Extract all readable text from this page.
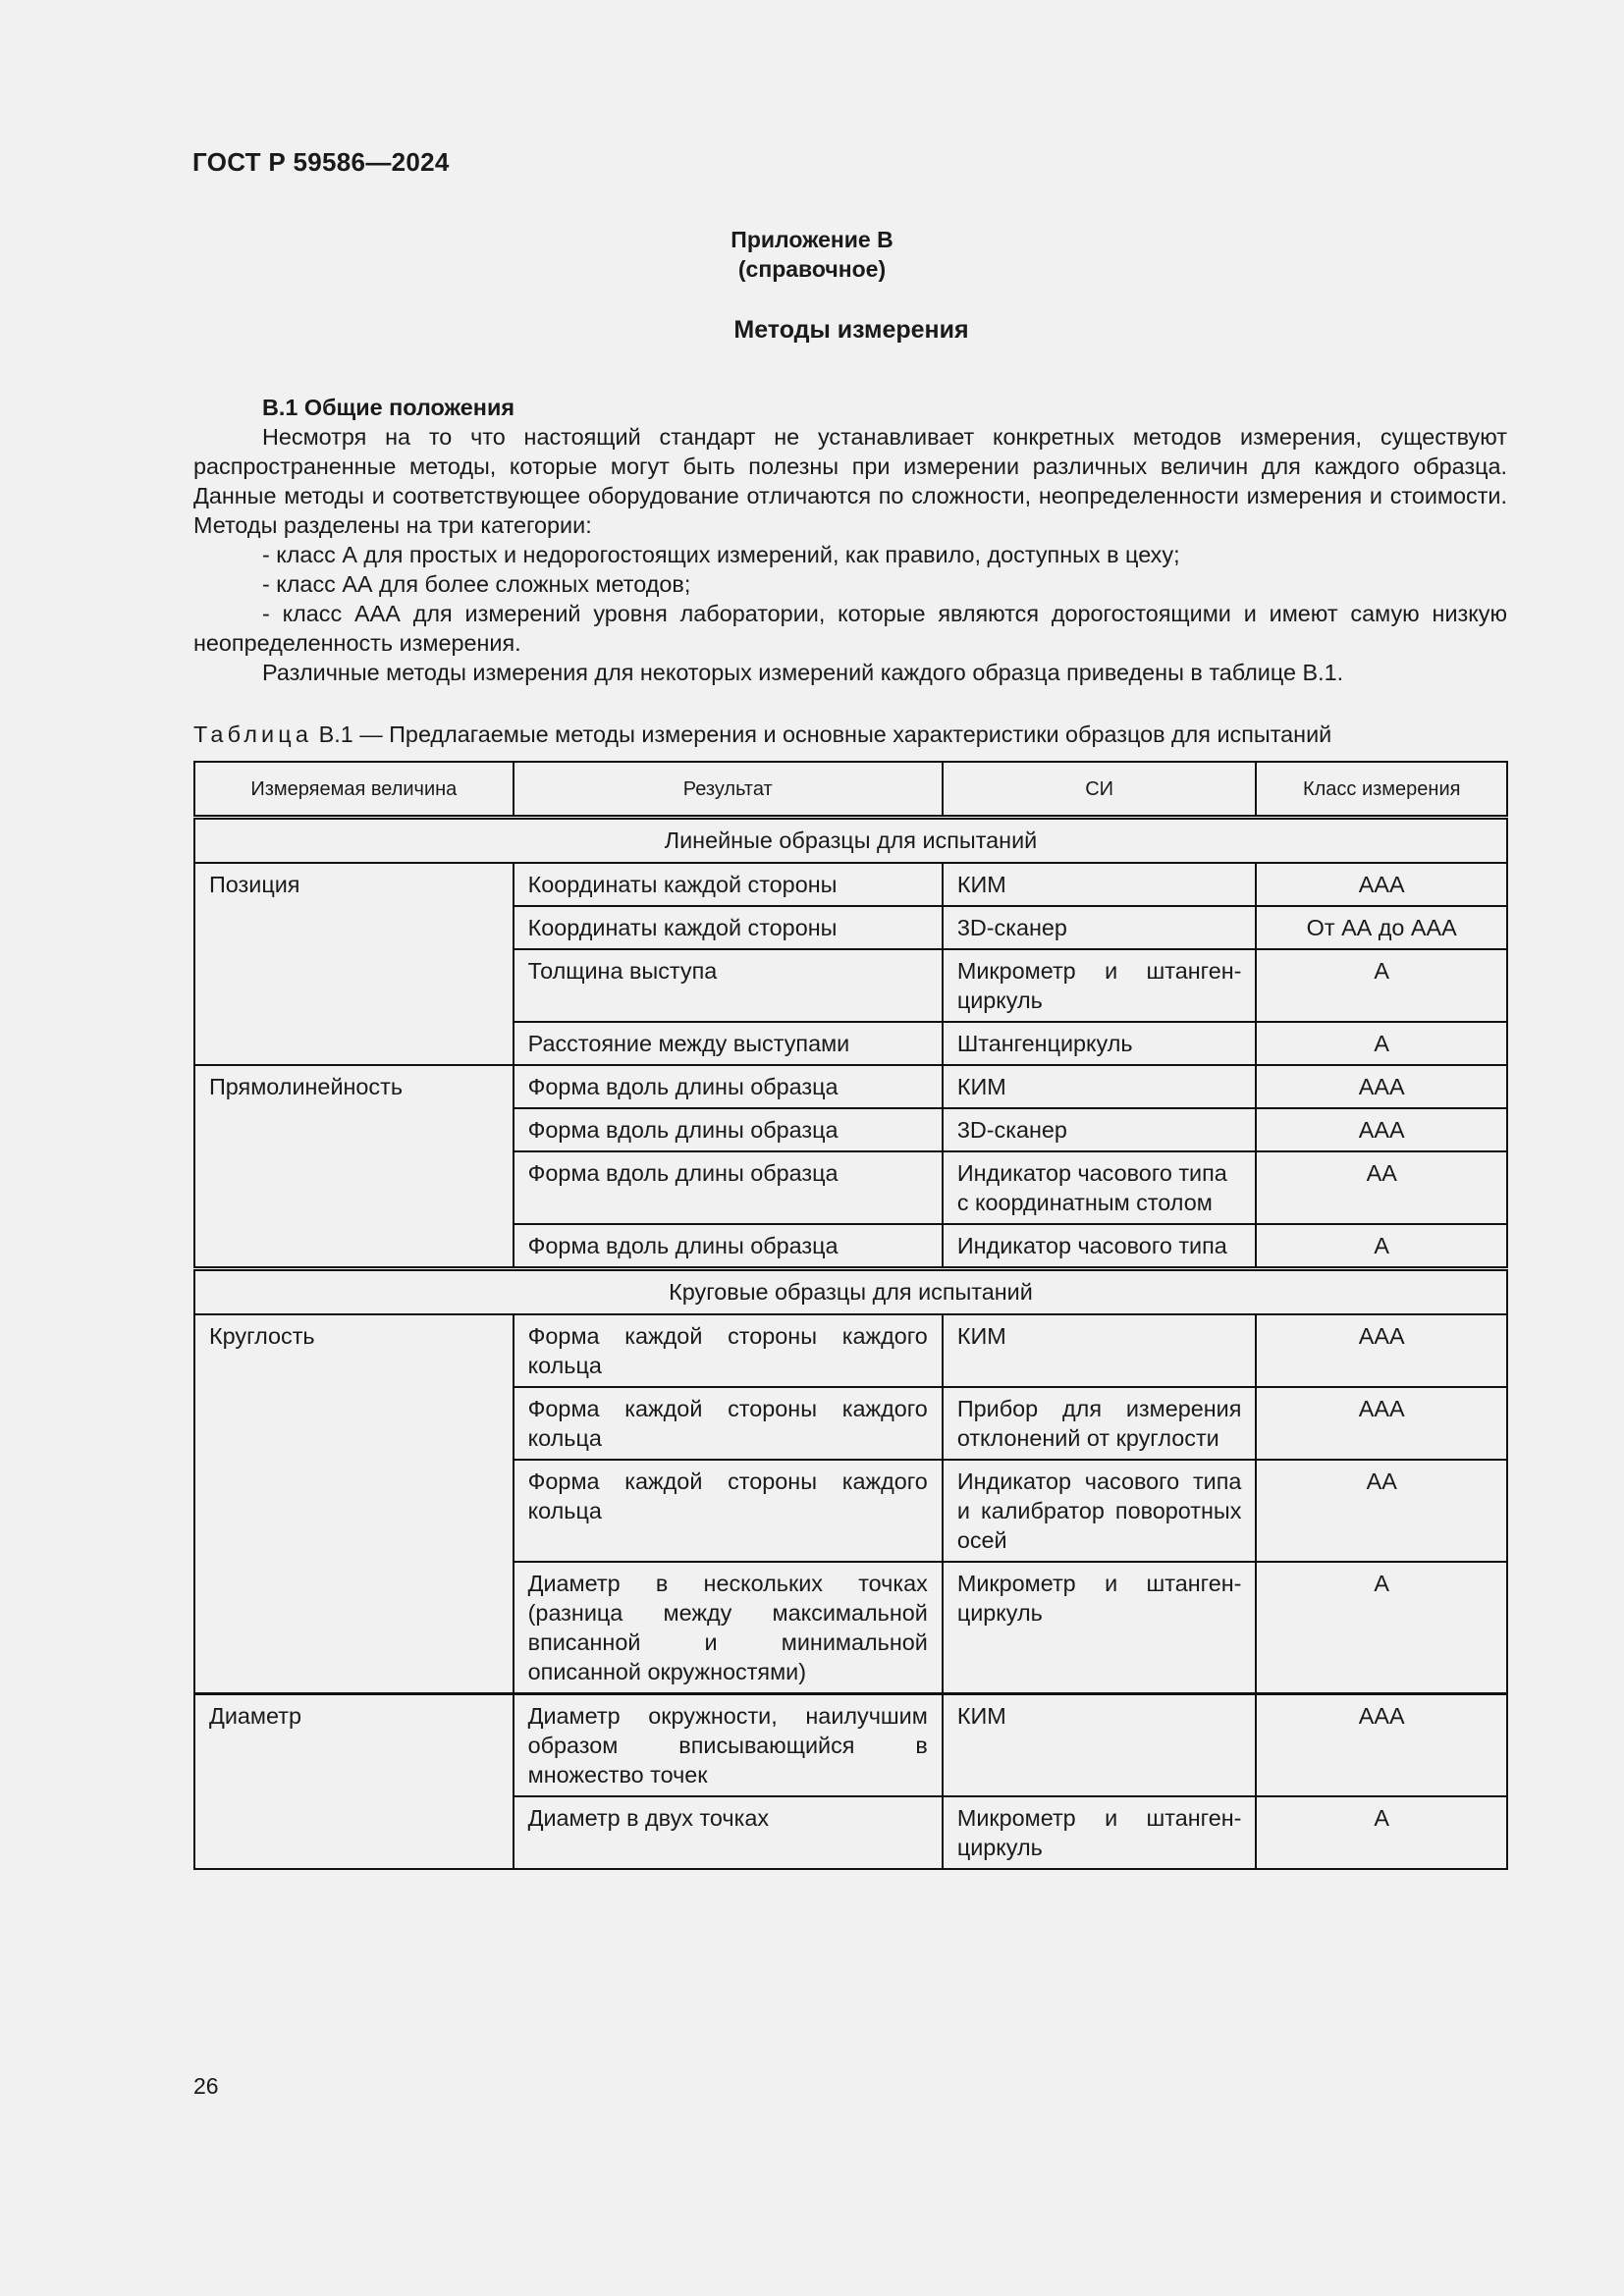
ГОСТ Р 59586—2024
Приложение В
(справочное)
Методы измерения
В.1 Общие положения

Несмотря на то что настоящий стандарт не устанавливает конкретных методов измерения, существуют распространенные методы, которые могут быть полезны при измерении различных величин для каждого образца. Данные методы и соответствующее оборудование отличаются по сложности, неопределенности измерения и стоимости. Методы разделены на три категории:

- класс А для простых и недорогостоящих измерений, как правило, доступных в цеху;

- класс АА для более сложных методов;

- класс ААА для измерений уровня лаборатории, которые являются дорогостоящими и имеют самую низкую неопределенность измерения.

Различные методы измерения для некоторых измерений каждого образца приведены в таблице В.1.

Таблица В.1 — Предлагаемые методы измерения и основные характеристики образцов для испытаний
Измеряемая величина	Результат	СИ	Класс измерения
Линейные образцы для испытаний			
Позиция	Координаты каждой стороны	КИМ	ААА
	Координаты каждой стороны	3D-сканер	От АА до ААА
	Толщина выступа	Микрометр и штанген-циркуль	А
	Расстояние между выступами	Штангенциркуль	А
Прямолинейность	Форма вдоль длины образца	КИМ	ААА
	Форма вдоль длины образца	3D-сканер	ААА
	Форма вдоль длины образца	Индикатор часового типа с координатным столом	АА
	Форма вдоль длины образца	Индикатор часового типа	А
Круговые образцы для испытаний			
Круглость	Форма каждой стороны каждого кольца	КИМ	ААА
	Форма каждой стороны каждого кольца	Прибор для измерения отклонений от круглости	ААА
	Форма каждой стороны каждого кольца	Индикатор часового типа и калибратор поворотных осей	АА
	Диаметр в нескольких точках (разница между максимальной вписанной и минимальной описанной окружностями)	Микрометр и штанген-циркуль	А
Диаметр	Диаметр окружности, наилучшим образом вписывающийся в множество точек	КИМ	ААА
	Диаметр в двух точках	Микрометр и штанген-циркуль	А
26
